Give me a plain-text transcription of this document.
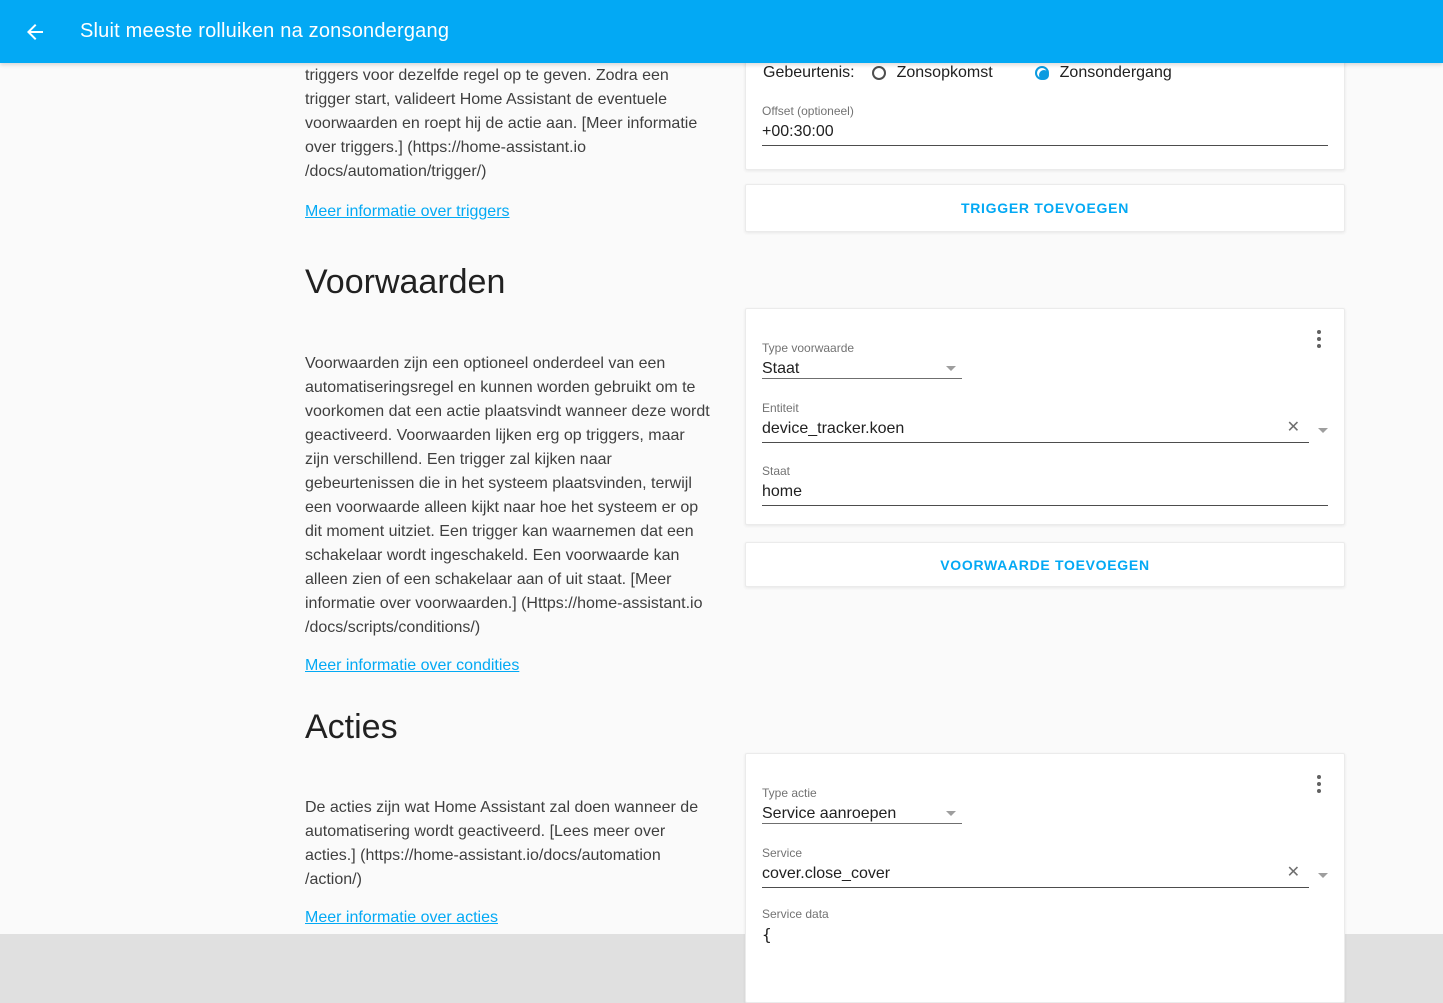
Sluit meeste rolluiken na zonsondergang

triggers voor dezelfde regel op te geven. Zodra een trigger start, valideert Home Assistant de eventuele voorwaarden en roept hij de actie aan. [Meer informatie over triggers.] (https://home-assistant.io /docs/automation/trigger/)

Meer informatie over triggers
Voorwaarden

Voorwaarden zijn een optioneel onderdeel van een automatiseringsregel en kunnen worden gebruikt om te voorkomen dat een actie plaatsvindt wanneer deze wordt geactiveerd. Voorwaarden lijken erg op triggers, maar zijn verschillend. Een trigger zal kijken naar gebeurtenissen die in het systeem plaatsvinden, terwijl een voorwaarde alleen kijkt naar hoe het systeem er op dit moment uitziet. Een trigger kan waarnemen dat een schakelaar wordt ingeschakeld. Een voorwaarde kan alleen zien of een schakelaar aan of uit staat. [Meer informatie over voorwaarden.] (Https://home-assistant.io /docs/scripts/conditions/)

Meer informatie over condities
Acties

De acties zijn wat Home Assistant zal doen wanneer de automatisering wordt geactiveerd. [Lees meer over acties.] (https://home-assistant.io/docs/automation /action/)

Meer informatie over acties
Gebeurtenis:	Zonsopkomst	Zonsondergang
Offset (optioneel)
+00:30:00
TRIGGER TOEVOEGEN
Type voorwaarde
Staat
Entiteit
device_tracker.koen
✕
Staat
home
VOORWAARDE TOEVOEGEN
Type actie
Service aanroepen
Service
cover.close_cover
✕
Service data
{
